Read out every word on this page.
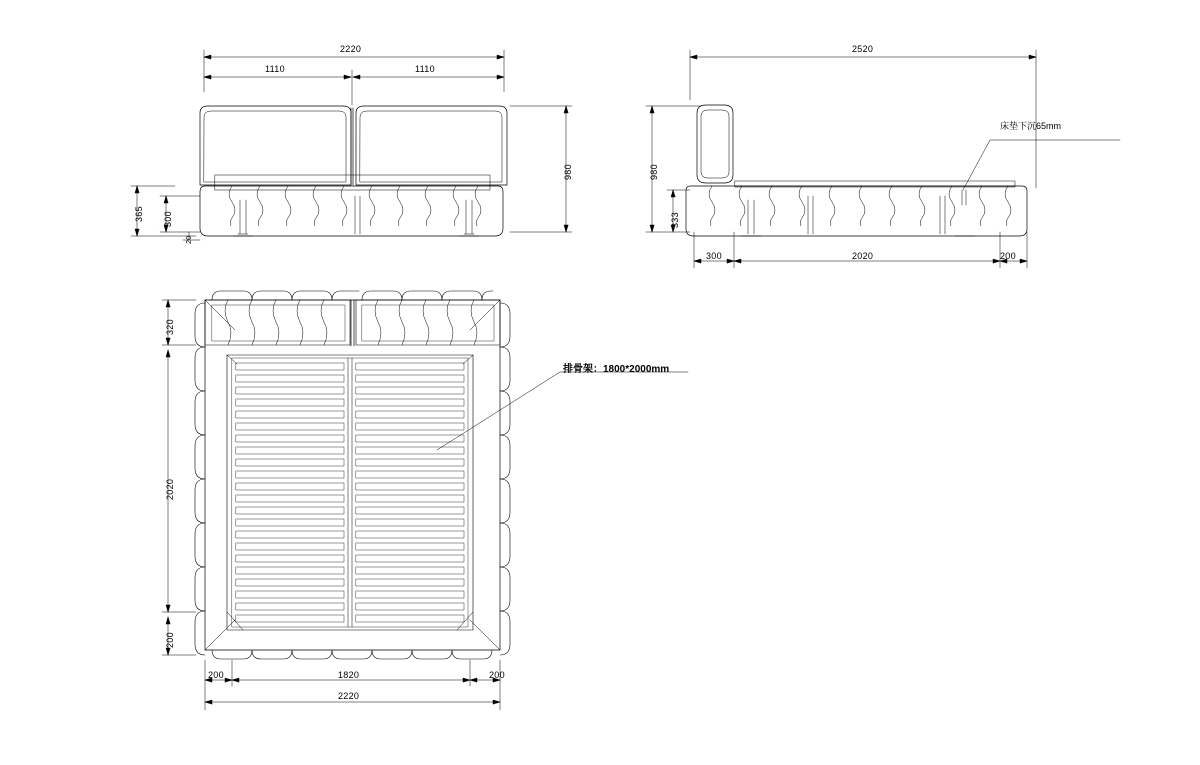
2220
1110	1110
980
365 300
20
2520
980
333
300	2020	200
床垫下沉65mm
320
2020
200
200	1820	200
2220
排骨架：1800*2000mm
